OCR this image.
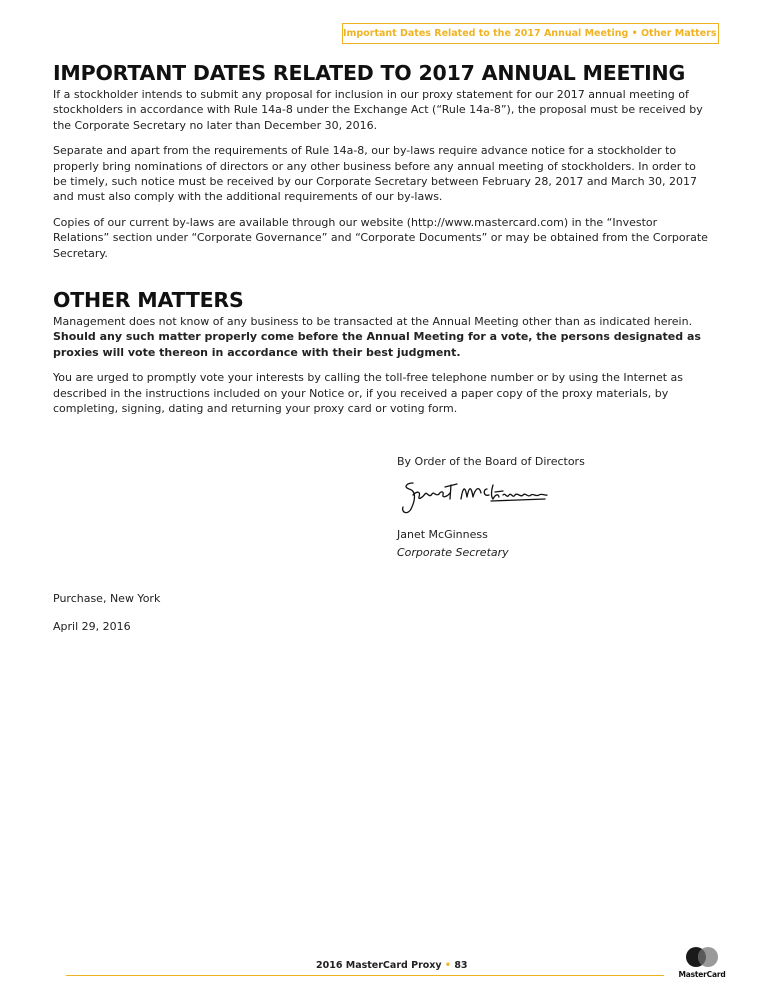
Important Dates Related to the 2017 Annual Meeting • Other Matters
IMPORTANT DATES RELATED TO 2017 ANNUAL MEETING

If a stockholder intends to submit any proposal for inclusion in our proxy statement for our 2017 annual meeting of stockholders in accordance with Rule 14a-8 under the Exchange Act (“Rule 14a-8”), the proposal must be received by the Corporate Secretary no later than December 30, 2016.

Separate and apart from the requirements of Rule 14a-8, our by-laws require advance notice for a stockholder to properly bring nominations of directors or any other business before any annual meeting of stockholders. In order to be timely, such notice must be received by our Corporate Secretary between February 28, 2017 and March 30, 2017 and must also comply with the additional requirements of our by-laws.

Copies of our current by-laws are available through our website (http://www.mastercard.com) in the “Investor Relations” section under “Corporate Governance” and “Corporate Documents” or may be obtained from the Corporate Secretary.

OTHER MATTERS

Management does not know of any business to be transacted at the Annual Meeting other than as indicated herein.
Should any such matter properly come before the Annual Meeting for a vote, the persons designated as proxies will vote thereon in accordance with their best judgment.

You are urged to promptly vote your interests by calling the toll-free telephone number or by using the Internet as described in the instructions included on your Notice or, if you received a paper copy of the proxy materials, by completing, signing, dating and returning your proxy card or voting form.

By Order of the Board of Directors

Janet McGinness

Corporate Secretary

Purchase, New York

April 29, 2016

2016 MasterCard Proxy • 83
MasterCard
